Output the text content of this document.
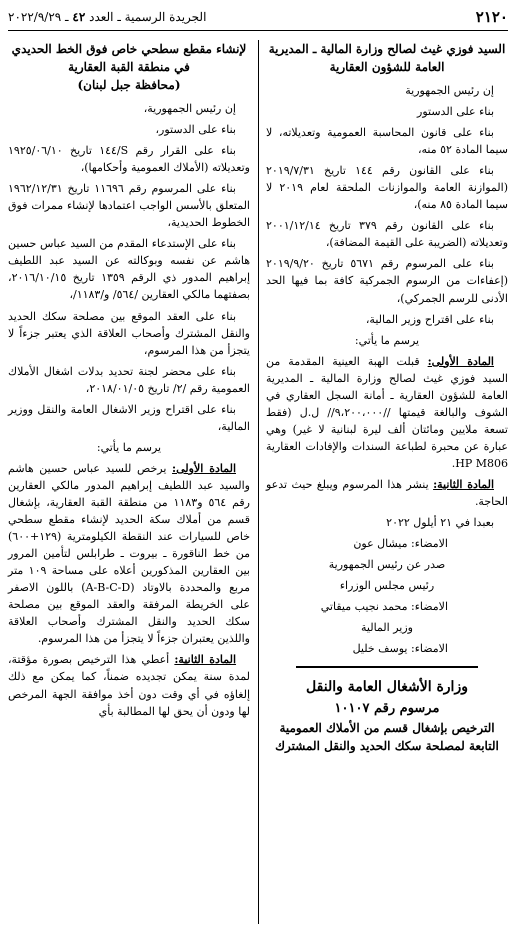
٢١٢٠
الجريدة الرسمية ـ العدد ٤٢ ـ ٢٠٢٢/٩/٢٩
السيد فوزي غيث لصالح وزارة المالية ـ المديرية العامة للشؤون العقارية

إن رئيس الجمهورية

بناء على الدستور

بناء على قانون المحاسبة العمومية وتعديلاته، لا سيما المادة ٥٢ منه،

بناء على القانون رقم ١٤٤ تاريخ ٢٠١٩/٧/٣١ (الموازنة العامة والموازنات الملحقة لعام ٢٠١٩ لا سيما المادة ٨٥ منه)،

بناء على القانون رقم ٣٧٩ تاريخ ٢٠٠١/١٢/١٤ وتعديلاته (الضريبة على القيمة المضافة)،

بناء على المرسوم رقم ٥٦٧١ تاريخ ٢٠١٩/٩/٢٠ (إعفاءات من الرسوم الجمركية كافة بما فيها الحد الأدنى للرسم الجمركي)،

بناء على اقتراح وزير المالية،

يرسم ما يأتي:

المادة الأولى: قبلت الهبة العينية المقدمة من السيد فوزي غيث لصالح وزارة المالية ـ المديرية العامة للشؤون العقارية ـ أمانة السجل العقاري في الشوف والبالغة قيمتها //٩،٢٠٠،٠٠٠// ل.ل (فقط تسعة ملايين ومائتان ألف ليرة لبنانية لا غير) وهي عبارة عن محبرة لطباعة السندات والإفادات العقارية HP M806.

المادة الثانية: ينشر هذا المرسوم ويبلغ حيث تدعو الحاجة.

بعبدا في ٢١ أيلول ٢٠٢٢

الامضاء: ميشال عون

صدر عن رئيس الجمهورية

رئيس مجلس الوزراء

الامضاء: محمد نجيب ميقاتي

وزير المالية

الامضاء: يوسف خليل

وزارة الأشغال العامة والنقل
مرسوم رقم ١٠١٠٧
الترخيص بإشغال قسم من الأملاك العمومية التابعة لمصلحة سكك الحديد والنقل المشترك
لإنشاء مقطع سطحي خاص فوق الخط الحديدي
في منطقة القبة العقارية
(محافظة جبل لبنان)

إن رئيس الجمهورية،

بناء على الدستور،

بناء على القرار رقم S/١٤٤ تاريخ ١٩٢٥/٠٦/١٠ وتعديلاته (الأملاك العمومية وأحكامها)،

بناء على المرسوم رقم ١١٦٩٦ تاريخ ١٩٦٢/١٢/٣١ المتعلق بالأسس الواجب اعتمادها لإنشاء ممرات فوق الخطوط الحديدية،

بناء على الإستدعاء المقدم من السيد عباس حسين هاشم عن نفسه وبوكالته عن السيد عبد اللطيف إبراهيم المدور ذي الرقم ١٣٥٩ تاريخ ٢٠١٦/١٠/١٥، بصفتهما مالكي العقارين /٥٦٤/ و/١١٨٣/،

بناء على العقد الموقع بين مصلحة سكك الحديد والنقل المشترك وأصحاب العلاقة الذي يعتبر جزءاً لا يتجزأ من هذا المرسوم،

بناء على محضر لجنة تحديد بدلات اشغال الأملاك العمومية رقم /٢/ تاريخ ٢٠١٨/٠١/٠٥،

بناء على اقتراح وزير الاشغال العامة والنقل ووزير المالية،

يرسم ما يأتي:

المادة الأولى: يرخص للسيد عباس حسين هاشم والسيد عبد اللطيف إبراهيم المدور مالكي العقارين رقم ٥٦٤ و١١٨٣ من منطقة القبة العقارية، بإشغال قسم من أملاك سكة الحديد لإنشاء مقطع سطحي خاص للسيارات عند النقطة الكيلومترية (١٢٩+٦٠٠) من خط الناقورة ـ بيروت ـ طرابلس لتأمين المرور بين العقارين المذكورين أعلاه على مساحة ١٠٩ متر مربع والمحددة بالاوتاد (A-B-C-D) باللون الاصفر على الخريطة المرفقة والعقد الموقع بين مصلحة سكك الحديد والنقل المشترك وأصحاب العلاقة واللذين يعتبران جزءاً لا يتجزأ من هذا المرسوم.

المادة الثانية: أعطي هذا الترخيص بصورة مؤقتة، لمدة سنة يمكن تجديده ضمناً، كما يمكن مع ذلك إلغاؤه في أي وقت دون أخذ موافقة الجهة المرخص لها ودون أن يحق لها المطالبة بأي
